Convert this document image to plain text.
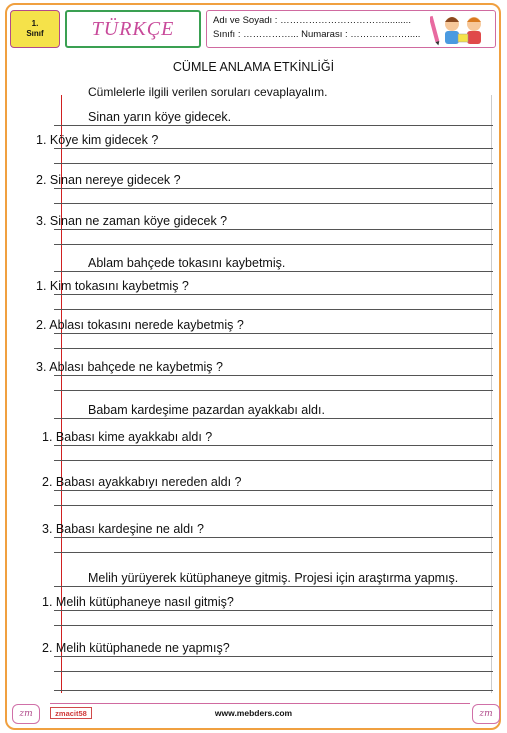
1.
Sınıf TÜRKÇE	Adı ve Soyadı : ……………………………..........
Sınıfı : ……………... Numarası : ……………….....
CÜMLE ANLAMA ETKİNLİĞİ
Cümlelerle ilgili verilen soruları cevaplayalım.
Sinan yarın köye gidecek.
1. Köye kim gidecek ?
2. Sinan nereye gidecek ?
3. Sinan ne zaman köye gidecek ?
Ablam bahçede tokasını kaybetmiş.
1. Kim tokasını kaybetmiş ?
2. Ablası tokasını nerede kaybetmiş ?
3. Ablası bahçede ne kaybetmiş ?
Babam kardeşime pazardan ayakkabı aldı.
1. Babası kime ayakkabı aldı ?
2. Babası ayakkabıyı nereden aldı ?
3. Babası kardeşine ne aldı ?
Melih yürüyerek kütüphaneye gitmiş. Projesi için araştırma yapmış.
1. Melih kütüphaneye nasıl gitmiş?
2. Melih kütüphanede ne yapmış?
zm	zmacit58	www.mebders.com	zm
